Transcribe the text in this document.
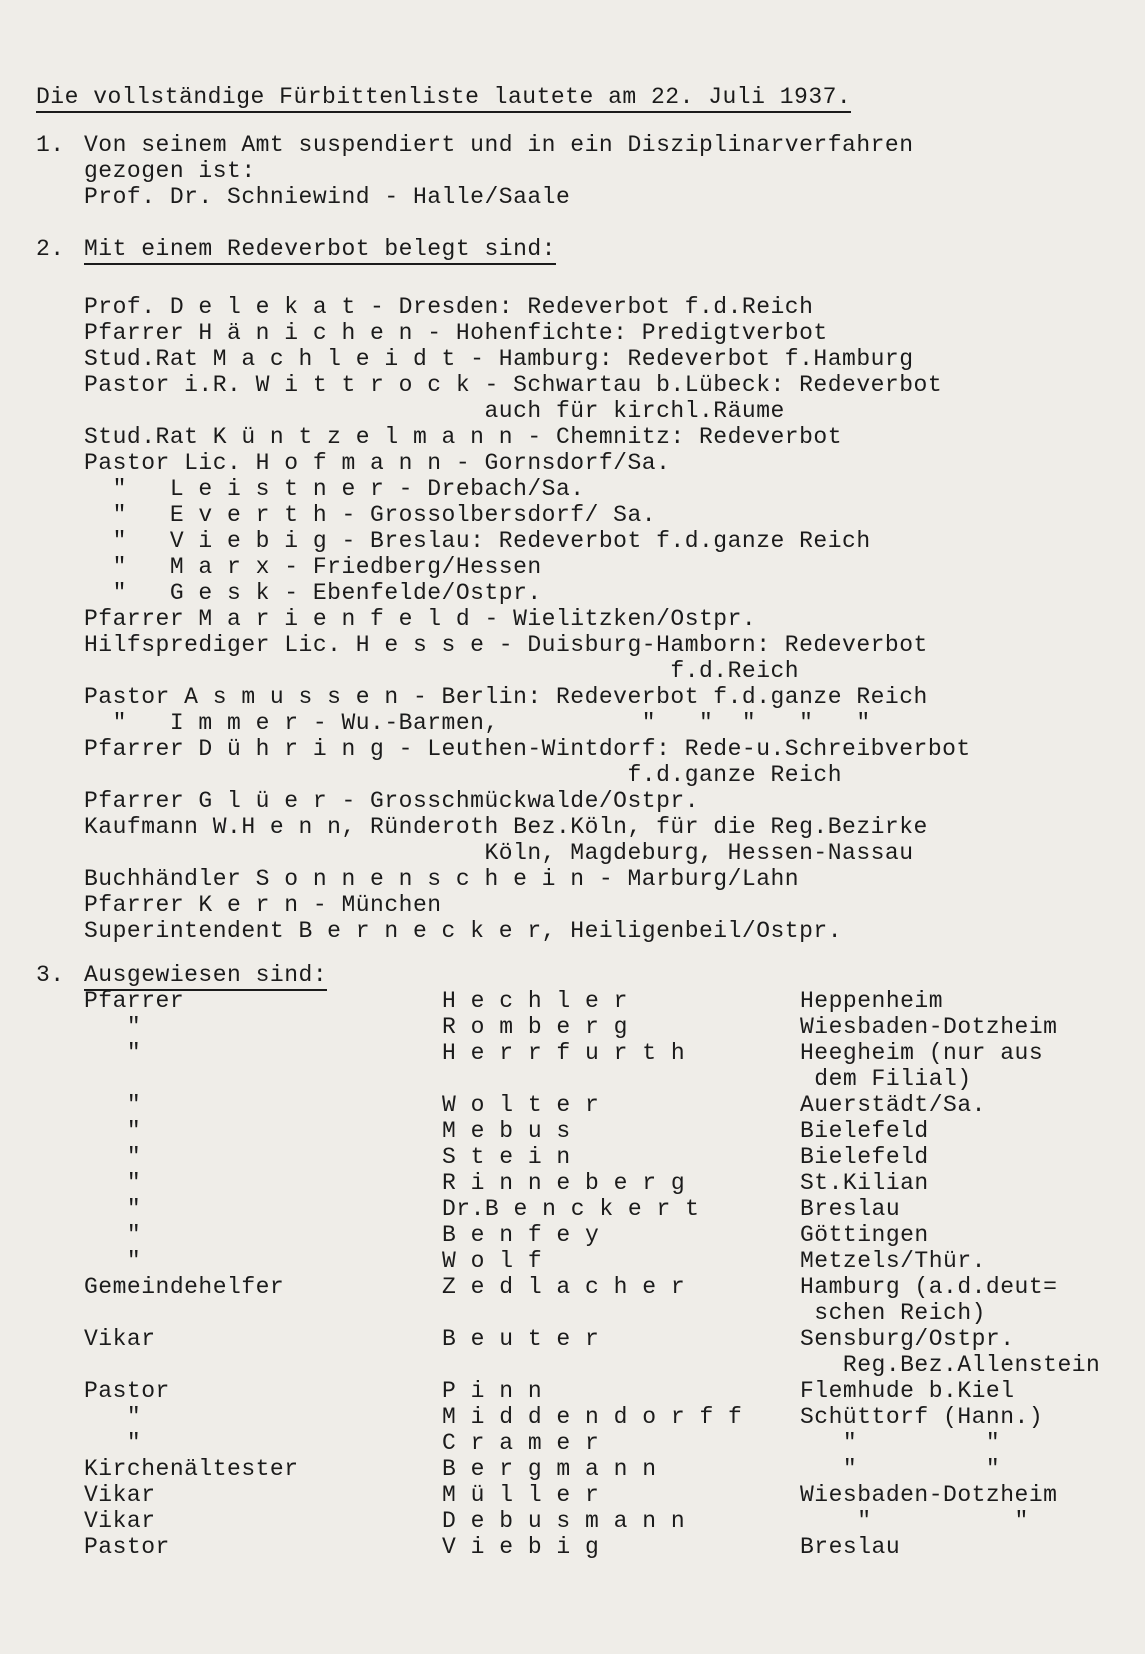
Die vollständige Fürbittenliste lautete am 22. Juli 1937.
1. Von seinem Amt suspendiert und in ein Disziplinarverfahren
gezogen ist:
Prof. Dr. Schniewind - Halle/Saale
2. Mit einem Redeverbot belegt sind:
Prof. D e l e k a t - Dresden: Redeverbot f.d.Reich
Pfarrer H ä n i c h e n - Hohenfichte: Predigtverbot
Stud.Rat M a c h l e i d t - Hamburg: Redeverbot f.Hamburg
Pastor i.R. W i t t r o c k - Schwartau b.Lübeck: Redeverbot
auch für kirchl.Räume
Stud.Rat K ü n t z e l m a n n - Chemnitz: Redeverbot
Pastor Lic. H o f m a n n - Gornsdorf/Sa.
"   L e i s t n e r - Drebach/Sa.
"   E v e r t h - Grossolbersdorf/ Sa.
"   V i e b i g - Breslau: Redeverbot f.d.ganze Reich
"   M a r x - Friedberg/Hessen
"   G e s k - Ebenfelde/Ostpr.
Pfarrer M a r i e n f e l d - Wielitzken/Ostpr.
Hilfsprediger Lic. H e s s e - Duisburg-Hamborn: Redeverbot
f.d.Reich
Pastor A s m u s s e n - Berlin: Redeverbot f.d.ganze Reich
"   I m m e r - Wu.-Barmen,          "   "  "   "   "
Pfarrer D ü h r i n g - Leuthen-Wintdorf: Rede-u.Schreibverbot
f.d.ganze Reich
Pfarrer G l ü e r - Grosschmückwalde/Ostpr.
Kaufmann W.H e n n, Ründeroth Bez.Köln, für die Reg.Bezirke
Köln, Magdeburg, Hessen-Nassau
Buchhändler S o n n e n s c h e i n - Marburg/Lahn
Pfarrer K e r n - München
Superintendent B e r n e c k e r, Heiligenbeil/Ostpr.
3. Ausgewiesen sind:
Pfarrer	H e c h l e r	Heppenheim
"	R o m b e r g	Wiesbaden-Dotzheim
"	H e r r f u r t h	Heegheim (nur aus
dem Filial)
"	W o l t e r	Auerstädt/Sa.
"	M e b u s	Bielefeld
"	S t e i n	Bielefeld
"	R i n n e b e r g	St.Kilian
"	Dr.B e n c k e r t	Breslau
"	B e n f e y	Göttingen
"	W o l f	Metzels/Thür.
Gemeindehelfer	Z e d l a c h e r	Hamburg (a.d.deut=
schen Reich)
Vikar	B e u t e r	Sensburg/Ostpr.
Reg.Bez.Allenstein
Pastor	P i n n	Flemhude b.Kiel
"	M i d d e n d o r f f	Schüttorf (Hann.)
"	C r a m e r	"         "
Kirchenältester	B e r g m a n n	"         "
Vikar	M ü l l e r	Wiesbaden-Dotzheim
Vikar	D e b u s m a n n	"          "
Pastor	V i e b i g	Breslau
